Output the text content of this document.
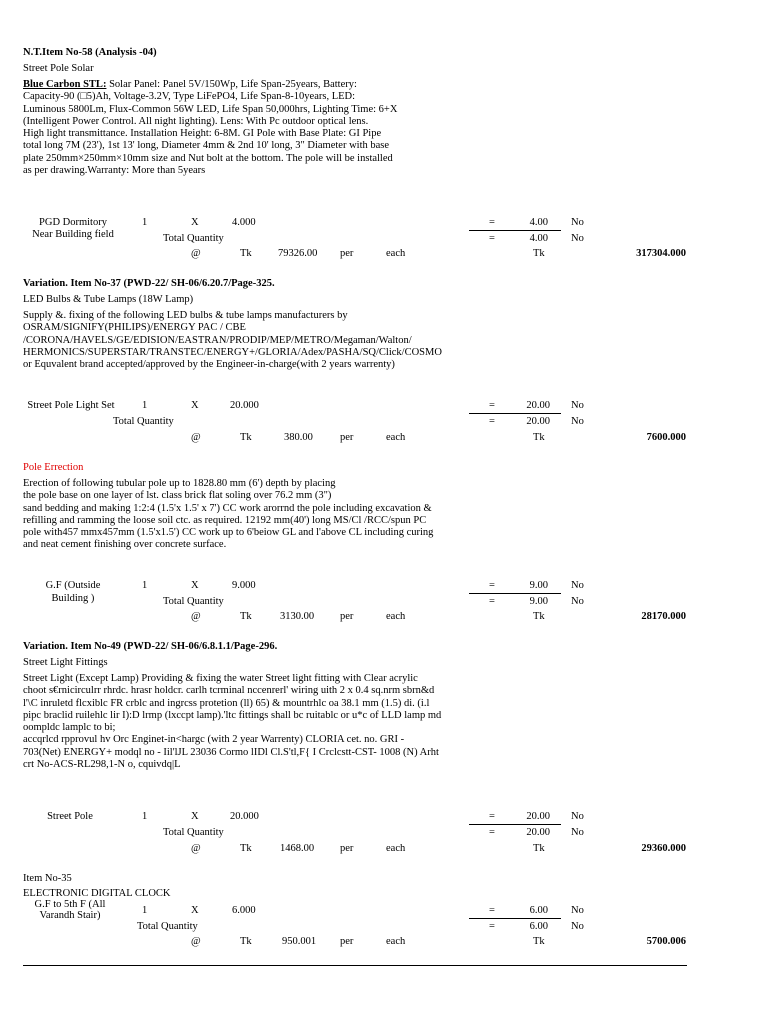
N.T.Item No-58 (Analysis -04)
Street Pole Solar
Blue Carbon STL: Solar Panel: Panel 5V/150Wp, Life Span-25years, Battery:
Capacity-90 (□5)Ah, Voltage-3.2V, Type LiFePO4, Life Span-8-10years, LED:
Luminous 5800Lm, Flux-Common 56W LED, Life Span 50,000hrs, Lighting Time: 6+X
(Intelligent Power Control. All night lighting). Lens: With Pc outdoor optical lens.
High light transmittance. Installation Height: 6-8M. GI Pole with Base Plate: GI Pipe
total long 7M (23'), 1st 13' long, Diameter 4mm & 2nd 10' long, 3" Diameter with base
plate 250mm×250mm×10mm size and Nut bolt at the bottom. The pole will be installed
as per drawing.Warranty: More than 5years
PGD Dormitory
Near Building field
1	X	4.000	=	4.00 No
Total Quantity	=	4.00 No
@	Tk	79326.00 per	each	Tk	317304.000
Variation. Item No-37 (PWD-22/ SH-06/6.20.7/Page-325.
LED Bulbs & Tube Lamps (18W Lamp)
Supply &. fixing of the following LED bulbs & tube lamps manufacturers by
OSRAM/SIGNIFY(PHILIPS)/ENERGY PAC / CBE
/CORONA/HAVELS/GE/EDISION/EASTRAN/PRODIP/MEP/METRO/Megaman/Walton/
HERMONICS/SUPERSTAR/TRANSTEC/ENERGY+/GLORIA/Adex/PASHA/SQ/Click/COSMO
or Equvalent brand accepted/approved by the Engineer-in-charge(with 2 years warrenty)
Street Pole Light Set	1	X	20.000	=	20.00 No
Total Quantity	=	20.00 No
@	Tk	380.00	per	each	Tk	7600.000
Pole Errection
Erection of following tubular pole up to 1828.80 mm (6') depth by placing
the pole base on one layer of lst. class brick flat soling over 76.2 mm (3")
sand bedding and making 1:2:4 (1.5'x 1.5' x 7') CC work arorrnd the pole including excavation &
refilling and ramming the loose soil ctc. as required. 12192 mm(40') long MS/Cl /RCC/spun PC
pole with457 mmx457mm (1.5'x1.5') CC work up to 6'beiow GL and l'above CL including curing
and neat cement finishing over concrete surface.
G.F (Outside
Building )
1	X	9.000	=	9.00 No
Total Quantity	=	9.00 No
@	Tk	3130.00 per	each	Tk	28170.000
Variation. Item No-49 (PWD-22/ SH-06/6.8.1.1/Page-296.
Street Light Fittings
Street Light (Except Lamp) Providing & fixing the water Street light fitting with Clear acrylic
choot s€rnicirculrr rhrdc. hrasr holdcr. carlh tcrminal nccenrerl' wiring uith 2 x 0.4 sq.nrm sbrn&d
l'\C inruletd flcxiblc FR crblc and ingrcss protetion (ll) 65) & mountrhlc oa 38.1 mm (1.5) di. (i.l
pipc braclid ruilehlc lir I):D lrmp (lxccpt lamp).'ltc fittings shall bc ruitablc or u*c of LLD lamp md
oompldc lamplc to bi;
accqrlcd rpprovul hv Orc Enginet-in<hargc (with 2 year Warrenty) CLORIA cet. no. GRI -
703(Net) ENERGY+ modql no - Iil'lJL 23036 Cormo lIDl Cl.S'tl,F{ I Crclcstt-CST- 1008 (N) Arht
crt No-ACS-RL298,1-N o, cquivdq|L
Street Pole	1	X	20.000	=	20.00 No
Total Quantity	=	20.00 No
@	Tk	1468.00 per	each	Tk	29360.000
Item No-35
ELECTRONIC DIGITAL CLOCK
G.F to 5th F (All
Varandh Stair)	1	X	6.000	=	6.00 No
Total Quantity	=	6.00 No
@	Tk	950.001 per	each	Tk	5700.006
